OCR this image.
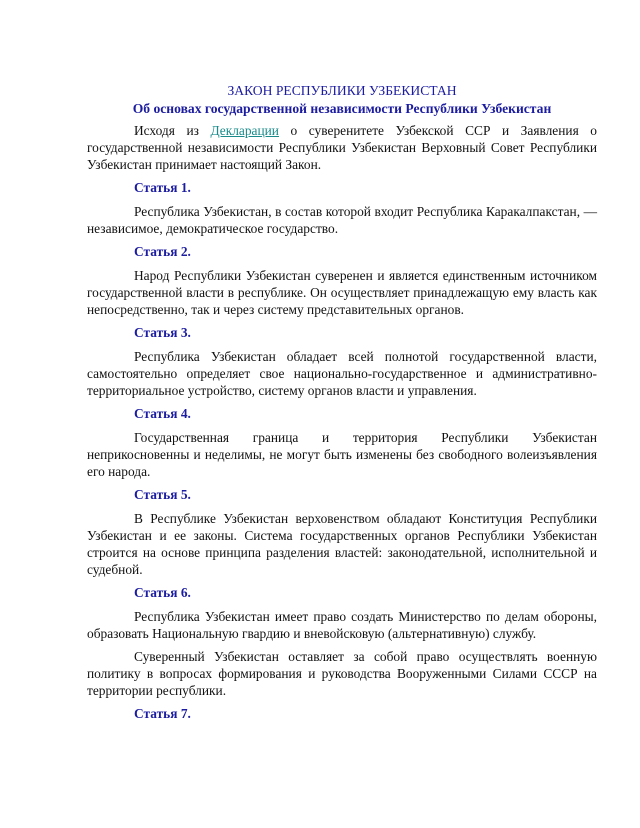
ЗАКОН РЕСПУБЛИКИ УЗБЕКИСТАН

Об основах государственной независимости Республики Узбекистан

Исходя из Декларации о суверенитете Узбекской ССР и Заявления о государственной независимости Республики Узбекистан Верховный Совет Республики Узбекистан принимает настоящий Закон.

Статья 1.

Республика Узбекистан, в состав которой входит Республика Каракалпакстан, — независимое, демократическое государство.

Статья 2.

Народ Республики Узбекистан суверенен и является единственным источником государственной власти в республике. Он осуществляет принадлежащую ему власть как непосредственно, так и через систему представительных органов.

Статья 3.

Республика Узбекистан обладает всей полнотой государственной власти, самостоятельно определяет свое национально-государственное и административно-территориальное устройство, систему органов власти и управления.

Статья 4.

Государственная граница и территория Республики Узбекистан неприкосновенны и неделимы, не могут быть изменены без свободного волеизъявления его народа.

Статья 5.

В Республике Узбекистан верховенством обладают Конституция Республики Узбекистан и ее законы. Система государственных органов Республики Узбекистан строится на основе принципа разделения властей: законодательной, исполнительной и судебной.

Статья 6.

Республика Узбекистан имеет право создать Министерство по делам обороны, образовать Национальную гвардию и вневойсковую (альтернативную) службу.

Суверенный Узбекистан оставляет за собой право осуществлять военную политику в вопросах формирования и руководства Вооруженными Силами СССР на территории республики.

Статья 7.
